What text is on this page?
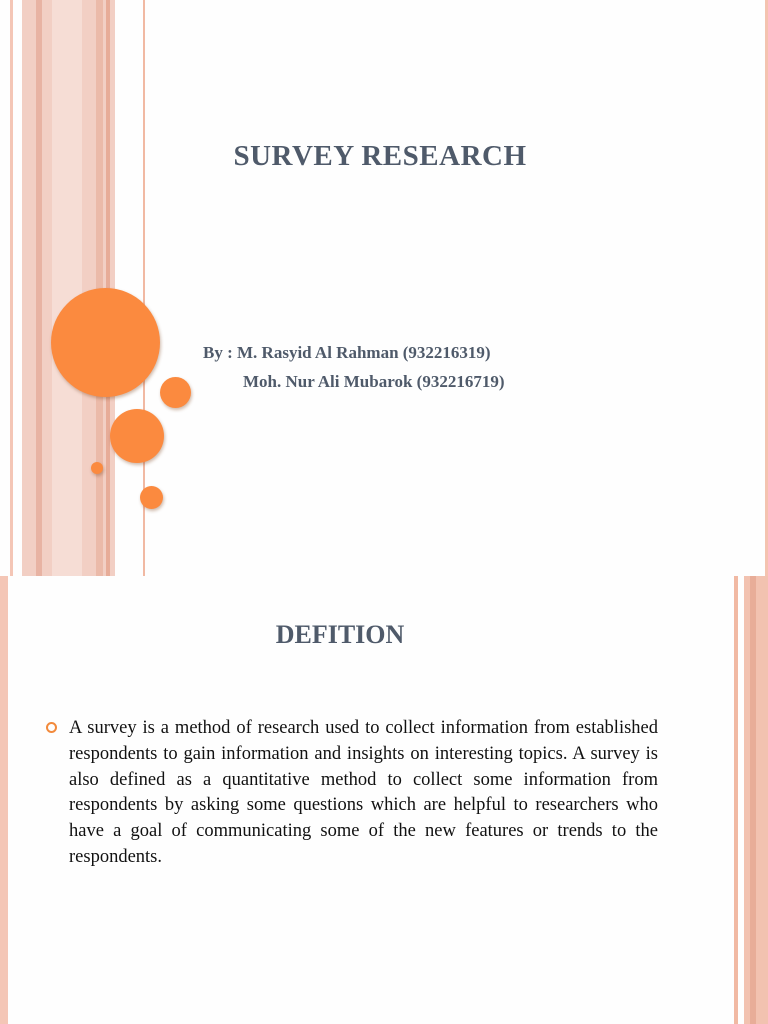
SURVEY RESEARCH
By : M. Rasyid Al Rahman (932216319)
Moh. Nur Ali Mubarok (932216719)
DEFITION
A survey is a method of research used to collect information from established respondents to gain information and insights on interesting topics. A survey is also defined as a quantitative method to collect some information from respondents by asking some questions which are helpful to researchers who have a goal of communicating some of the new features or trends to the respondents.
